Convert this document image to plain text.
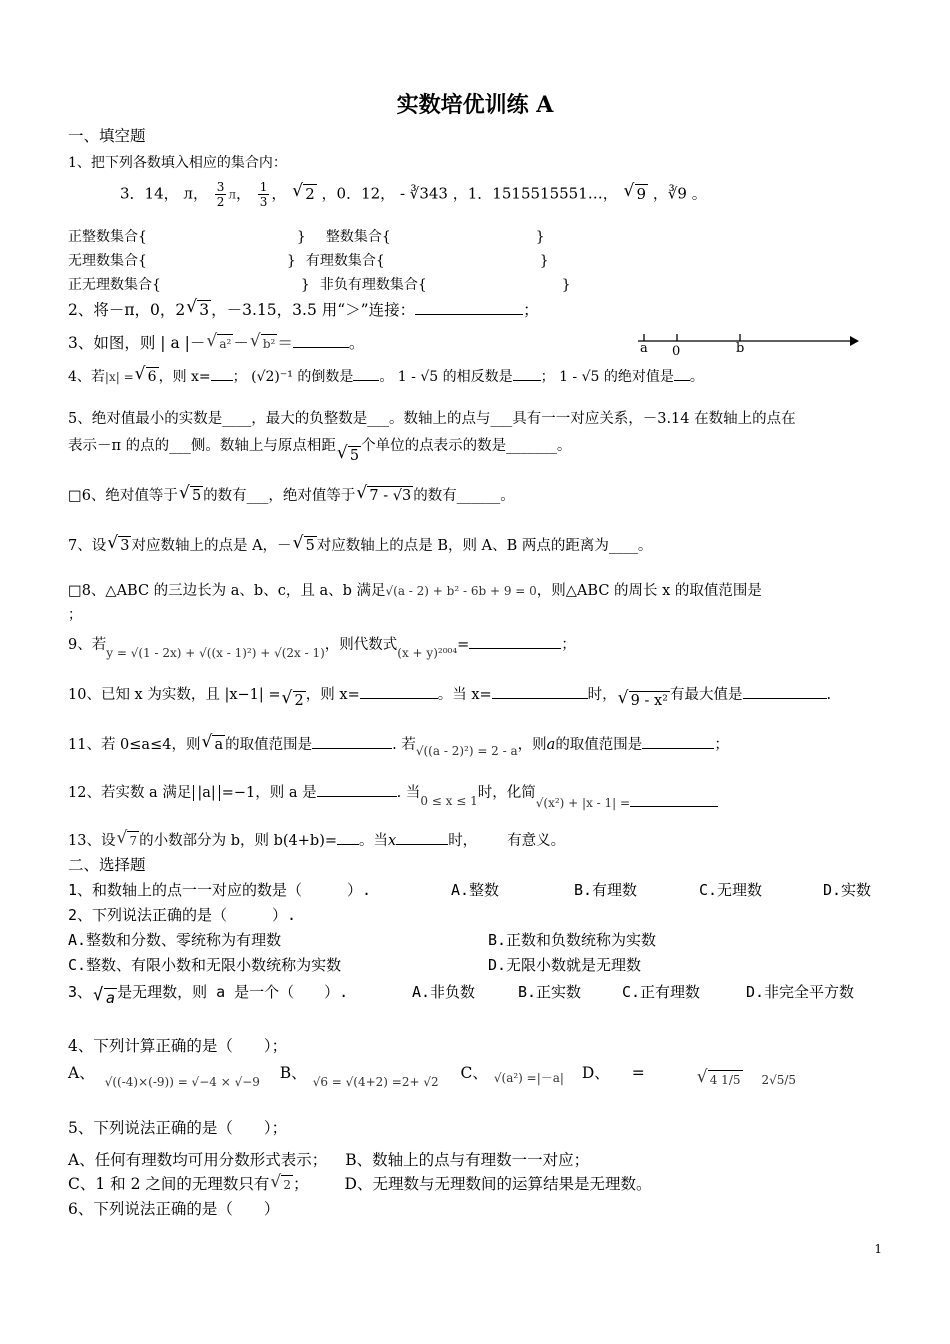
实数培优训练 A
一、填空题
1、把下列各数填入相应的集合内：
3．14， л， $\frac{3}{2}$ л， $\frac{1}{3}$ ， √ 2 ，0．12， - ∛343 ，1．1515515551…， √ 9 ，∛9 。
正整数集合{	} 整数集合{	}
无理数集合{	} 有理数集合{	}
正无理数集合{	} 非负有理数集合{	}
2、将－π，0，2 √ 3 ，－3.15，3.5 用“＞”连接：	；
3、如图，则 | a |－ √ a² － √ b² ＝	。	a 0	b
4、若|x| = √ 6 ，则 x= ； (√2)⁻¹ 的倒数是 。 1 - √5 的相反数是 ； 1 - √5 的绝对值是 。
5、绝对值最小的实数是____，最大的负整数是___。数轴上的点与___具有一一对应关系，－3.14 在数轴上的点在
表示－π 的点的___侧。数轴上与原点相距√ 5个单位的点表示的数是_______。
□6、绝对值等于 √ 5 的数有___，绝对值等于 √ 7 - √3 的数有______。
7、设 √ 3 对应数轴上的点是 A，－ √ 5 对应数轴上的点是 B，则 A、B 两点的距离为____。
□8、△ABC 的三边长为 a、b、c，且 a、b 满足√(a - 2) + b² - 6b + 9 = 0，则△ABC 的周长 x 的取值范围是
；
9、若$_{y = √(1 - 2x) + √((x - 1)^2) + √(2x - 1)}$，则代数式$_{(x + y)^{2004}}$=	；
10、已知 x 为实数，且 |x−1| = √ 2 ，则 x=	。当 x=	时， √ 9 - x² 有最大值是	.
11、若 0≤a≤4，则 √ a 的取值范围是	. 若$_{√((a - 2)^2) = 2 - a}$，则a的取值范围是	；
12、若实数 a 满足 |a| =−1，则 a 是	. 当$_{0 \le x \le 1}$时，化简$_{√(x^2) + |x - 1| =}$
13、设 √ 7 的小数部分为 b，则 b(4+b)= 。当x	时， 有意义。
二、选择题
1、和数轴上的点一一对应的数是（　　　）.	A.整数	B.有理数	C.无理数	D.实数
2、下列说法正确的是（　　　）.
A.整数和分数、零统称为有理数	B.正数和负数统称为实数
C.整数、有限小数和无限小数统称为实数	D.无限小数就是无理数
3、 √ a 是无理数，则 a 是一个（　　）.	A.非负数	B.正实数	C.正有理数	D.非完全平方数
4、下列计算正确的是（　　）；
A、 $_{√((-4)\times(-9)) = √-4 \times √-9}$ B、 $_{√6 = √(4+2) =2+ √2}$ C、 $_{√(a^2) =|-a|}$ D、 =	√ 4 1/5 $_{2√5/5}$
5、下列说法正确的是（　　）；
A、任何有理数均可用分数形式表示； B、数轴上的点与有理数一一对应；
C、1 和 2 之间的无理数只有 √ 2 ； D、无理数与无理数间的运算结果是无理数。
6、下列说法正确的是（　　）
1
